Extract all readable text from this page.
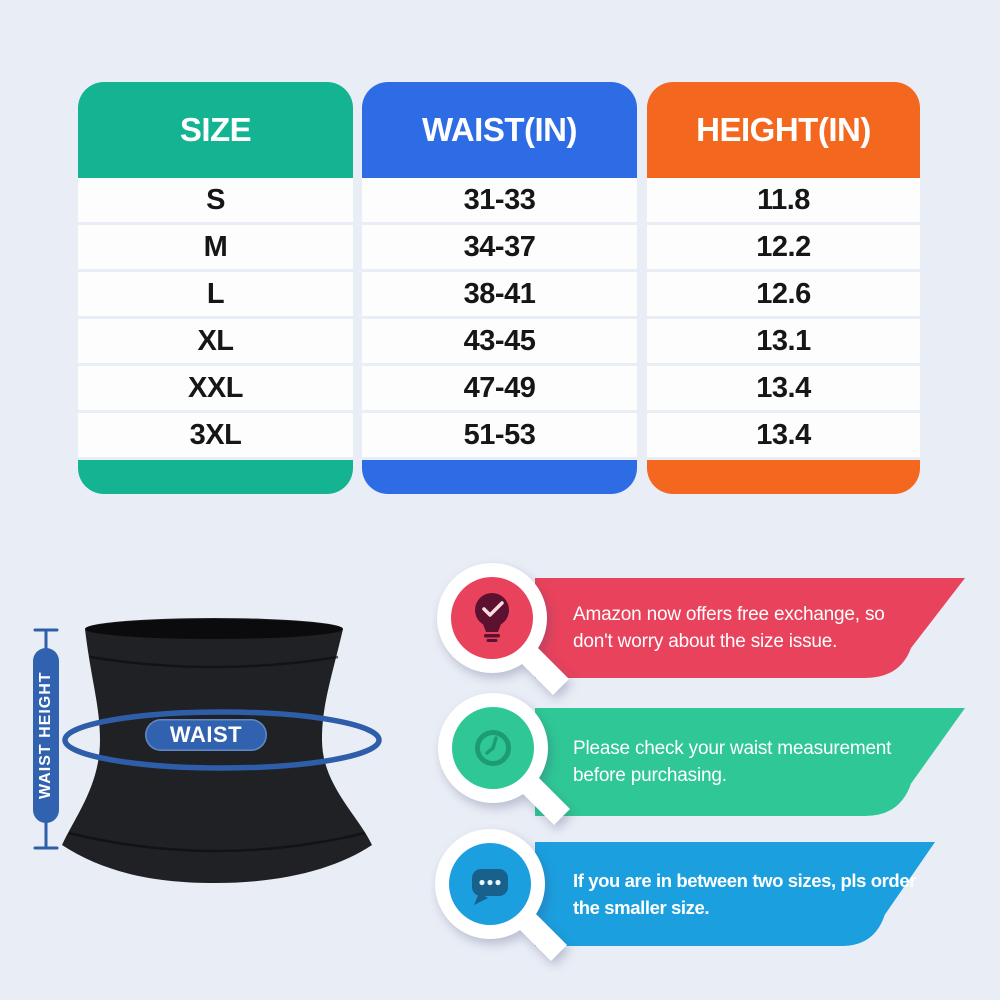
SIZE
S
M
L
XL
XXL
3XL
WAIST(IN)
31-33
34-37
38-41
43-45
47-49
51-53
HEIGHT(IN)
11.8
12.2
12.6
13.1
13.4
13.4
WAIST
WAIST HEIGHT
Amazon now offers free exchange, so
don't worry about the size issue.
Please check your waist measurement
before purchasing.
If you are in between two sizes, pls order
the smaller size.
